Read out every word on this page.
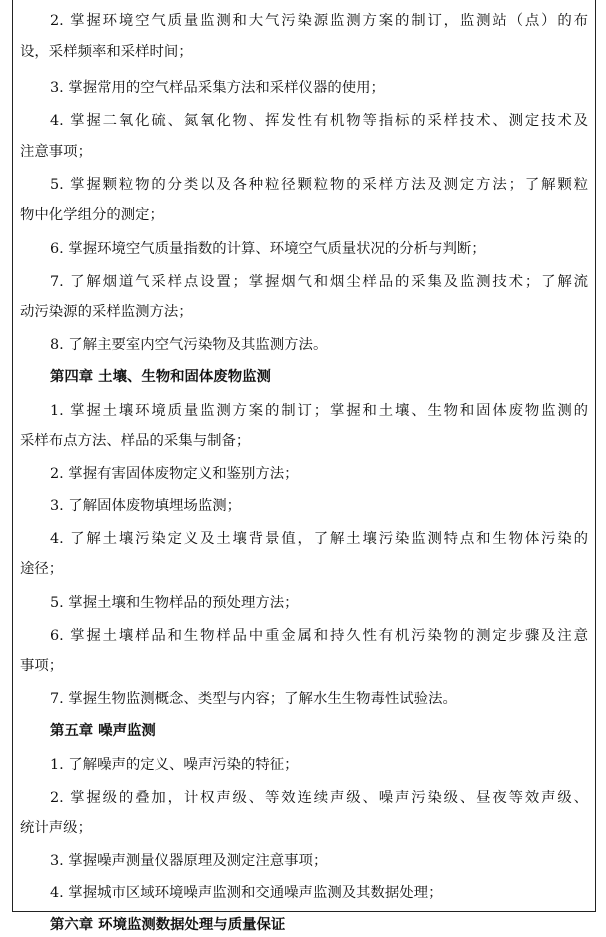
2. 掌握环境空气质量监测和大气污染源监测方案的制订，监测站（点）的布
设，采样频率和采样时间；
3. 掌握常用的空气样品采集方法和采样仪器的使用；
4. 掌握二氧化硫、氮氧化物、挥发性有机物等指标的采样技术、测定技术及
注意事项；
5. 掌握颗粒物的分类以及各种粒径颗粒物的采样方法及测定方法；了解颗粒
物中化学组分的测定；
6. 掌握环境空气质量指数的计算、环境空气质量状况的分析与判断；
7. 了解烟道气采样点设置；掌握烟气和烟尘样品的采集及监测技术；了解流
动污染源的采样监测方法；
8. 了解主要室内空气污染物及其监测方法。
第四章 土壤、生物和固体废物监测
1. 掌握土壤环境质量监测方案的制订；掌握和土壤、生物和固体废物监测的
采样布点方法、样品的采集与制备；
2. 掌握有害固体废物定义和鉴别方法；
3. 了解固体废物填埋场监测；
4. 了解土壤污染定义及土壤背景值，了解土壤污染监测特点和生物体污染的
途径；
5. 掌握土壤和生物样品的预处理方法；
6. 掌握土壤样品和生物样品中重金属和持久性有机污染物的测定步骤及注意
事项；
7. 掌握生物监测概念、类型与内容；了解水生生物毒性试验法。
第五章 噪声监测
1. 了解噪声的定义、噪声污染的特征；
2. 掌握级的叠加，计权声级、等效连续声级、噪声污染级、昼夜等效声级、
统计声级；
3. 掌握噪声测量仪器原理及测定注意事项；
4. 掌握城市区域环境噪声监测和交通噪声监测及其数据处理；
第六章 环境监测数据处理与质量保证
